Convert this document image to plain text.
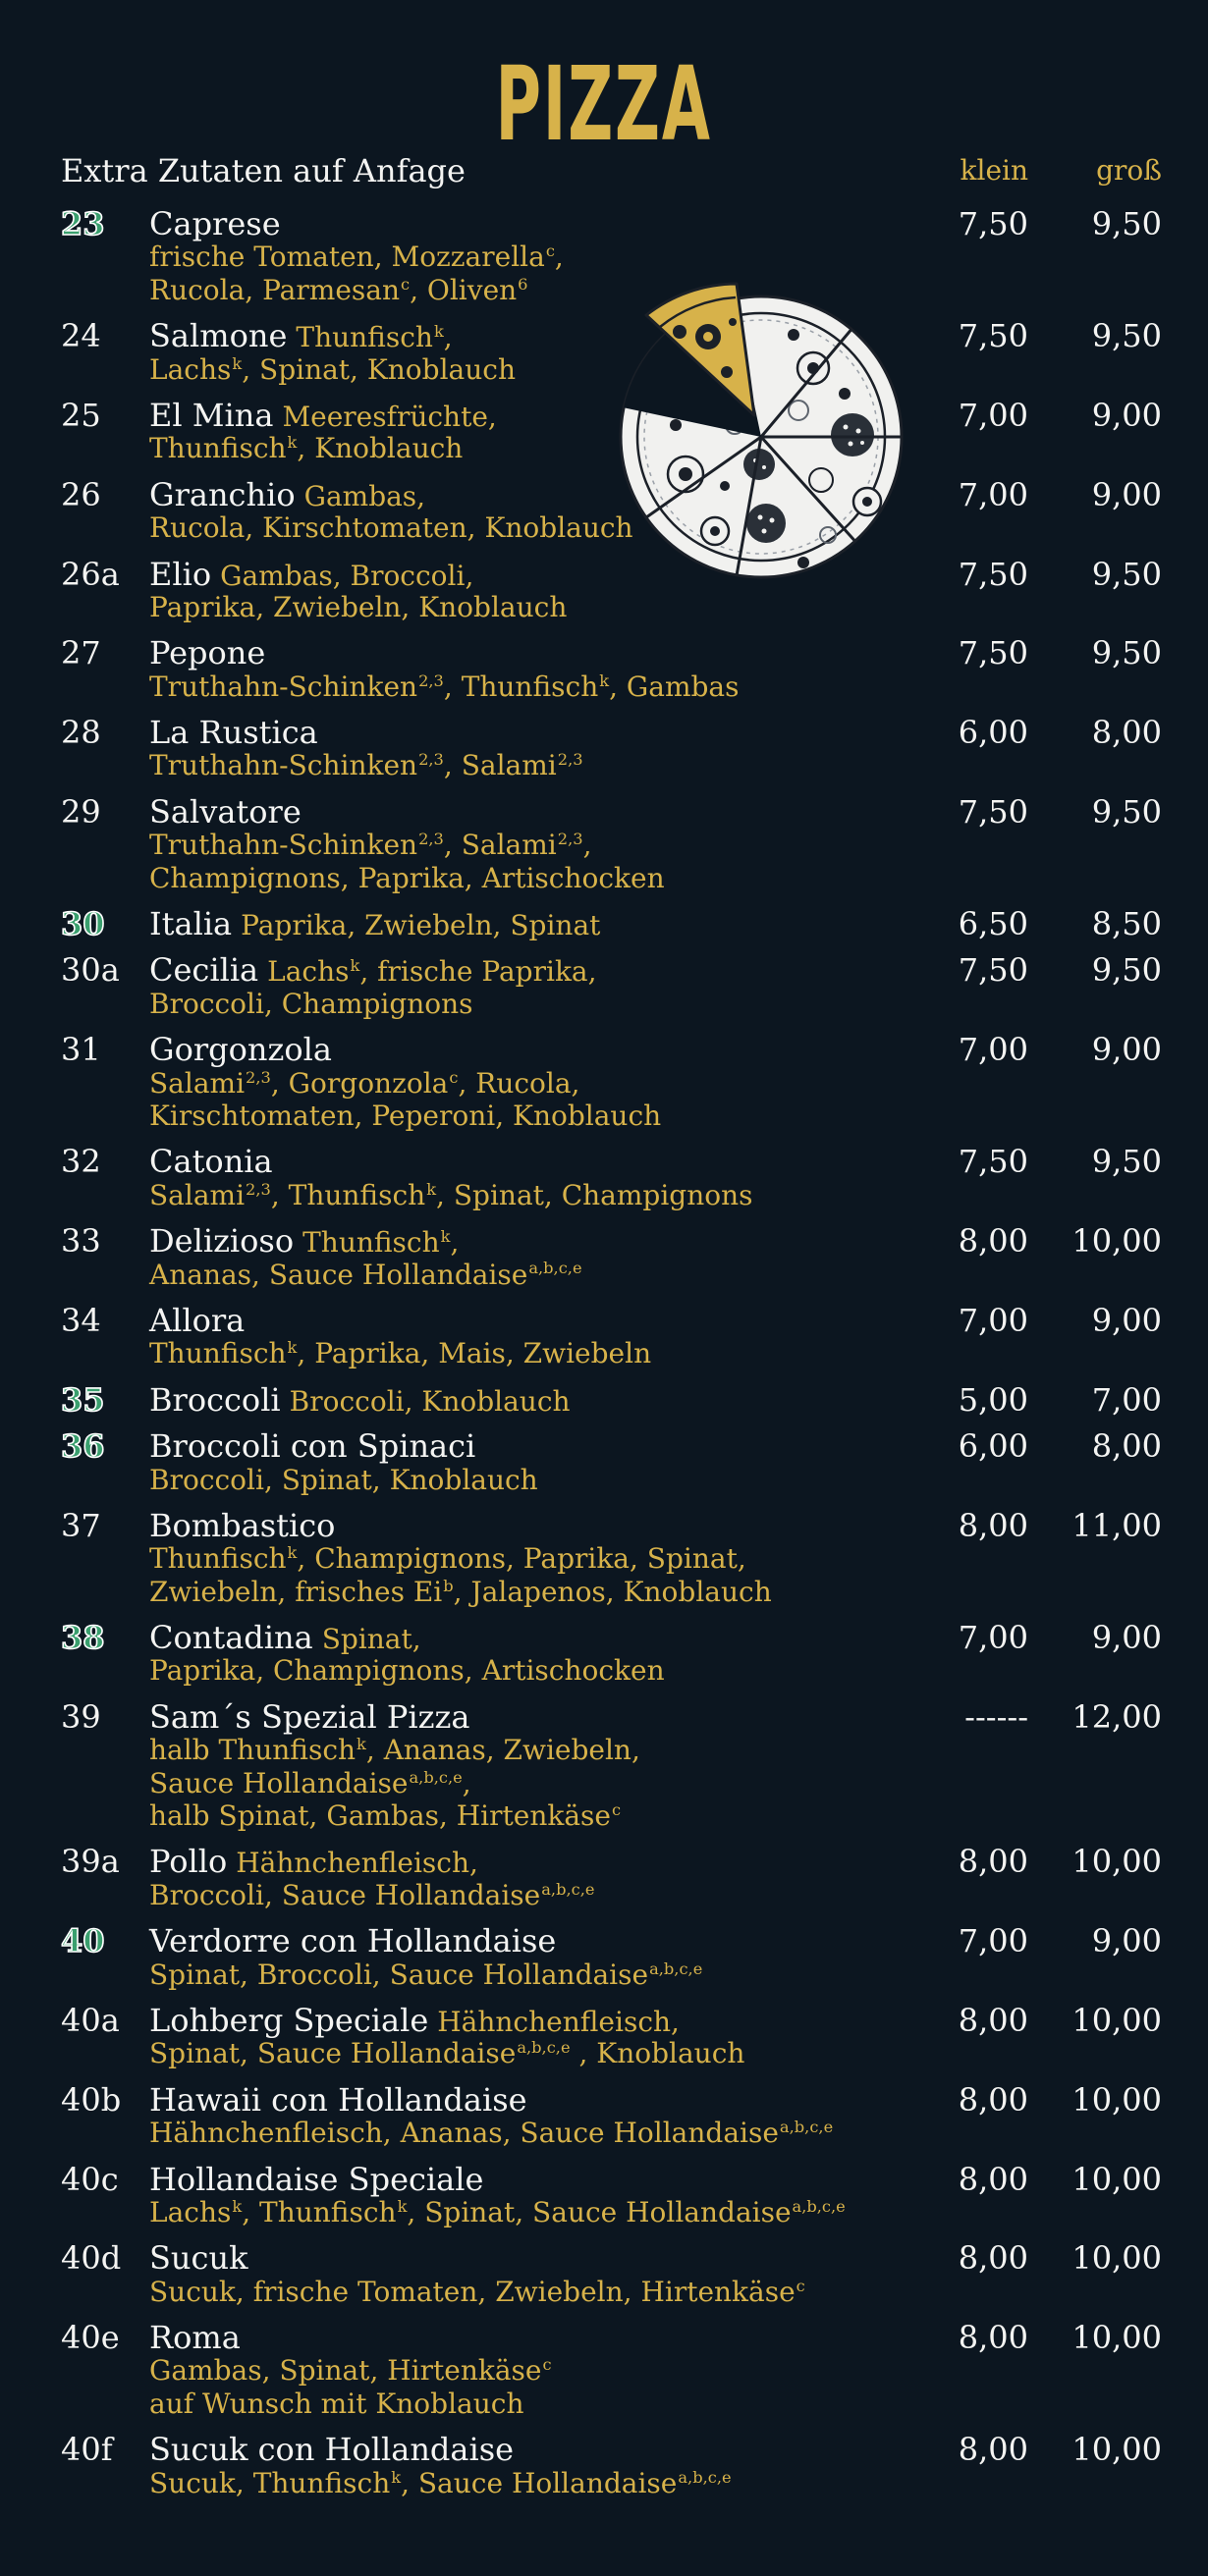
PIZZA
Extra Zutaten auf Anfage	klein groß
23 Caprese
frische Tomaten, Mozzarella$^c$,
Rucola, Parmesan$^c$, Oliven$^6$
7,50 9,50
24 Salmone Thunfisch$^k$,
Lachs$^k$, Spinat, Knoblauch
7,50 9,50
25 El Mina Meeresfrüchte,
Thunfisch$^k$, Knoblauch
7,00 9,00
26 Granchio Gambas,
Rucola, Kirschtomaten, Knoblauch
7,00 9,00
26a Elio Gambas, Broccoli,
Paprika, Zwiebeln, Knoblauch
7,50 9,50
27 Pepone
Truthahn-Schinken$^{2,3}$, Thunfisch$^k$, Gambas
7,50 9,50
28 La Rustica
Truthahn-Schinken$^{2,3}$, Salami$^{2,3}$
6,00 8,00
29 Salvatore
Truthahn-Schinken$^{2,3}$, Salami$^{2,3}$,
Champignons, Paprika, Artischocken
7,50 9,50
30 Italia Paprika, Zwiebeln, Spinat	6,50 8,50
30a Cecilia Lachs$^k$, frische Paprika,
Broccoli, Champignons
7,50 9,50
31 Gorgonzola
Salami$^{2,3}$, Gorgonzola$^c$, Rucola,
Kirschtomaten, Peperoni, Knoblauch
7,00 9,00
32 Catonia
Salami$^{2,3}$, Thunfisch$^k$, Spinat, Champignons
7,50 9,50
33 Delizioso Thunfisch$^k$,
Ananas, Sauce Hollandaise$^{a,b,c,e}$
8,00 10,00
34 Allora
Thunfisch$^k$, Paprika, Mais, Zwiebeln
7,00 9,00
35 Broccoli Broccoli, Knoblauch	5,00 7,00
36 Broccoli con Spinaci
Broccoli, Spinat, Knoblauch
6,00 8,00
37 Bombastico
Thunfisch$^k$, Champignons, Paprika, Spinat,
Zwiebeln, frisches Ei$^b$, Jalapenos, Knoblauch
8,00 11,00
38 Contadina Spinat,
Paprika, Champignons, Artischocken
7,00 9,00
39 Sam´s Spezial Pizza
halb Thunfisch$^k$, Ananas, Zwiebeln,
Sauce Hollandaise$^{a,b,c,e}$,
halb Spinat, Gambas, Hirtenkäse$^c$
------ 12,00
39a Pollo Hähnchenfleisch,
Broccoli, Sauce Hollandaise$^{a,b,c,e}$
8,00 10,00
40 Verdorre con Hollandaise
Spinat, Broccoli, Sauce Hollandaise$^{a,b,c,e}$
7,00 9,00
40a Lohberg Speciale Hähnchenfleisch,
Spinat, Sauce Hollandaise$^{a,b,c,e}$ , Knoblauch
8,00 10,00
40b Hawaii con Hollandaise
Hähnchenfleisch, Ananas, Sauce Hollandaise$^{a,b,c,e}$
8,00 10,00
40c Hollandaise Speciale
Lachs$^k$, Thunfisch$^k$, Spinat, Sauce Hollandaise$^{a,b,c,e}$
8,00 10,00
40d Sucuk
Sucuk, frische Tomaten, Zwiebeln, Hirtenkäse$^c$
8,00 10,00
40e Roma
Gambas, Spinat, Hirtenkäse$^c$
auf Wunsch mit Knoblauch
8,00 10,00
40f Sucuk con Hollandaise
Sucuk, Thunfisch$^k$, Sauce Hollandaise$^{a,b,c,e}$
8,00 10,00
